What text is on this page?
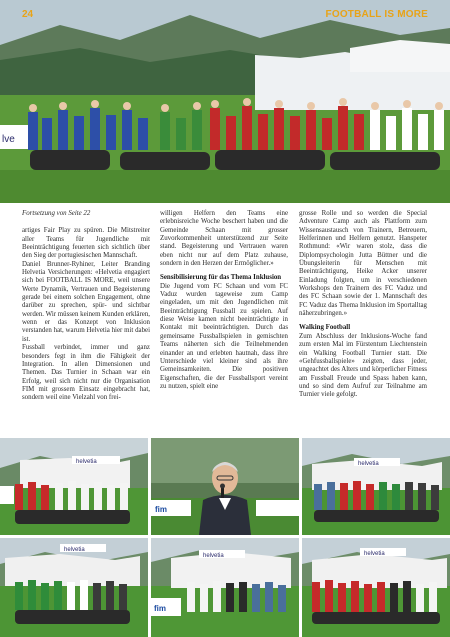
lve
24	FOOTBALL IS MORE

Fortsetzung von Seite 22

artiges Fair Play zu spüren. Die Mitstreiter aller Teams für Jugendliche mit Beeinträchtigung feuerten sich sichtlich über den Sieg der portugiesischen Mannschaft.

Daniel Brunner-Ryhiner, Leiter Branding Helvetia Versicherungen: «Helvetia engagiert sich bei FOOTBALL IS MORE, weil unsere Werte Dynamik, Vertrauen und Begeisterung gerade bei einem solchen Engagement, ohne darüber zu sprechen, spür- und sichtbar werden. Wir müssen keinem Kunden erklären, wenn er das Konzept von Inklusion verstanden hat, warum Helvetia hier mit dabei ist.

Fussball verbindet, immer und ganz besonders fegt in ihm die Fähigkeit der Integration. In allen Dimensionen und Themen. Das Turnier in Schaan war ein Erfolg, weil sich nicht nur die Organisation FIM mit grossem Einsatz eingebracht hat, sondern weil eine Vielzahl von frei-

willigen Helfern den Teams eine erlebnisreiche Woche beschert haben und die Gemeinde Schaan mit grosser Zuvorkommenheit unterstützend zur Seite stand. Begeisterung und Vertrauen waren eben nicht nur auf dem Platz zuhause, sondern in den Herzen der Ermöglicher.»

Sensibilisierung für das Thema Inklusion

Die Jugend vom FC Schaan und vom FC Vaduz wurden tageweise zum Camp eingeladen, um mit den Jugendlichen mit Beeinträchtigung Fussball zu spielen. Auf diese Weise kamen nicht beeinträchtigte in Kontakt mit beeinträchtigten. Durch das gemeinsame Fussballspielen in gemischten Teams näherten sich die Teilnehmenden einander an und erlebten hautnah, dass ihre Unterschiede viel kleiner sind als ihre Gemeinsamkeiten. Die positiven Eigenschaften, die der Fussballsport vereint zu nutzen, spielt eine

grosse Rolle und so werden die Special Adventure Camp auch als Plattform zum Wissensaustausch von Trainern, Betreuern, Helferinnen und Helfern genutzt. Hanspeter Rothmund: «Wir waren stolz, dass die Diplompsychologin Jutta Büttner und die Übungsleiterin für Menschen mit Beeinträchtigung, Heike Acker unserer Einladung folgten, um in verschiedenen Workshops den Trainern des FC Vaduz und des FC Schaan sowie der 1. Mannschaft des FC Vaduz das Thema Inklusion im Sportalltag näherzubringen.»

Walking Football

Zum Abschluss der Inklusions-Woche fand zum ersten Mal im Fürstentum Liechtenstein ein Walking Football Turnier statt. Die «Gehfussballspiele» zeigten, dass jeder, ungeachtet des Alters und körperlicher Fitness am Fussball Freude und Spass haben kann, und so sind dem Aufruf zur Teilnahme am Turnier viele gefolgt.

helvetia
fim
helvetia
helvetia
helvetia
fim
helvetia
